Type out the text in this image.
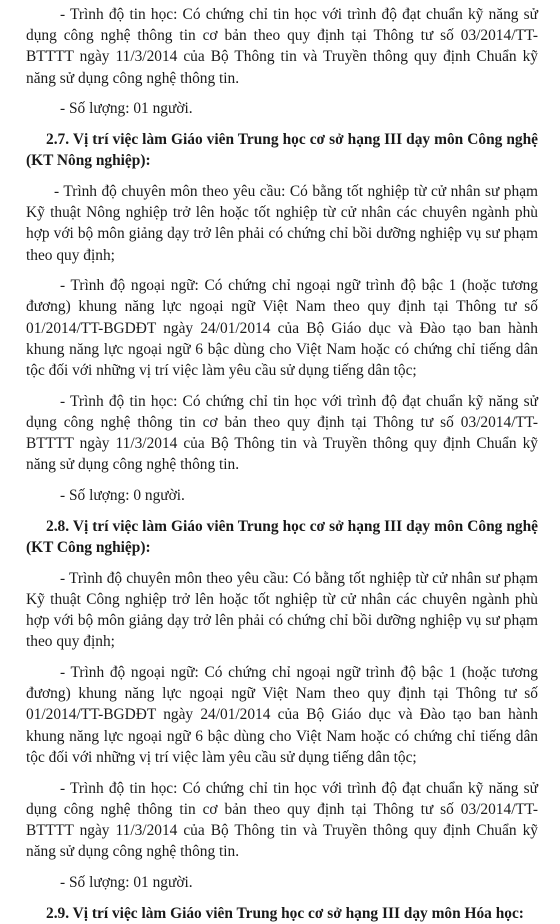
- Trình độ tin học: Có chứng chỉ tin học với trình độ đạt chuẩn kỹ năng sử dụng công nghệ thông tin cơ bản theo quy định tại Thông tư số 03/2014/TT-BTTTT ngày 11/3/2014 của Bộ Thông tin và Truyền thông quy định Chuẩn kỹ năng sử dụng công nghệ thông tin.

- Số lượng: 01 người.

2.7. Vị trí việc làm Giáo viên Trung học cơ sở hạng III dạy môn Công nghệ (KT Nông nghiệp):

- Trình độ chuyên môn theo yêu cầu: Có bằng tốt nghiệp từ cử nhân sư phạm Kỹ thuật Nông nghiệp trở lên hoặc tốt nghiệp từ cử nhân các chuyên ngành phù hợp với bộ môn giảng dạy trở lên phải có chứng chỉ bồi dưỡng nghiệp vụ sư phạm theo quy định;

- Trình độ ngoại ngữ: Có chứng chỉ ngoại ngữ trình độ bậc 1 (hoặc tương đương) khung năng lực ngoại ngữ Việt Nam theo quy định tại Thông tư số 01/2014/TT-BGDĐT ngày 24/01/2014 của Bộ Giáo dục và Đào tạo ban hành khung năng lực ngoại ngữ 6 bậc dùng cho Việt Nam hoặc có chứng chỉ tiếng dân tộc đối với những vị trí việc làm yêu cầu sử dụng tiếng dân tộc;

- Trình độ tin học: Có chứng chỉ tin học với trình độ đạt chuẩn kỹ năng sử dụng công nghệ thông tin cơ bản theo quy định tại Thông tư số 03/2014/TT-BTTTT ngày 11/3/2014 của Bộ Thông tin và Truyền thông quy định Chuẩn kỹ năng sử dụng công nghệ thông tin.

- Số lượng: 0 người.

2.8. Vị trí việc làm Giáo viên Trung học cơ sở hạng III dạy môn Công nghệ (KT Công nghiệp):

- Trình độ chuyên môn theo yêu cầu: Có bằng tốt nghiệp từ cử nhân sư phạm Kỹ thuật Công nghiệp trở lên hoặc tốt nghiệp từ cử nhân các chuyên ngành phù hợp với bộ môn giảng dạy trở lên phải có chứng chỉ bồi dưỡng nghiệp vụ sư phạm theo quy định;

- Trình độ ngoại ngữ: Có chứng chỉ ngoại ngữ trình độ bậc 1 (hoặc tương đương) khung năng lực ngoại ngữ Việt Nam theo quy định tại Thông tư số 01/2014/TT-BGDĐT ngày 24/01/2014 của Bộ Giáo dục và Đào tạo ban hành khung năng lực ngoại ngữ 6 bậc dùng cho Việt Nam hoặc có chứng chỉ tiếng dân tộc đối với những vị trí việc làm yêu cầu sử dụng tiếng dân tộc;

- Trình độ tin học: Có chứng chỉ tin học với trình độ đạt chuẩn kỹ năng sử dụng công nghệ thông tin cơ bản theo quy định tại Thông tư số 03/2014/TT-BTTTT ngày 11/3/2014 của Bộ Thông tin và Truyền thông quy định Chuẩn kỹ năng sử dụng công nghệ thông tin.

- Số lượng: 01 người.

2.9. Vị trí việc làm Giáo viên Trung học cơ sở hạng III dạy môn Hóa học:
